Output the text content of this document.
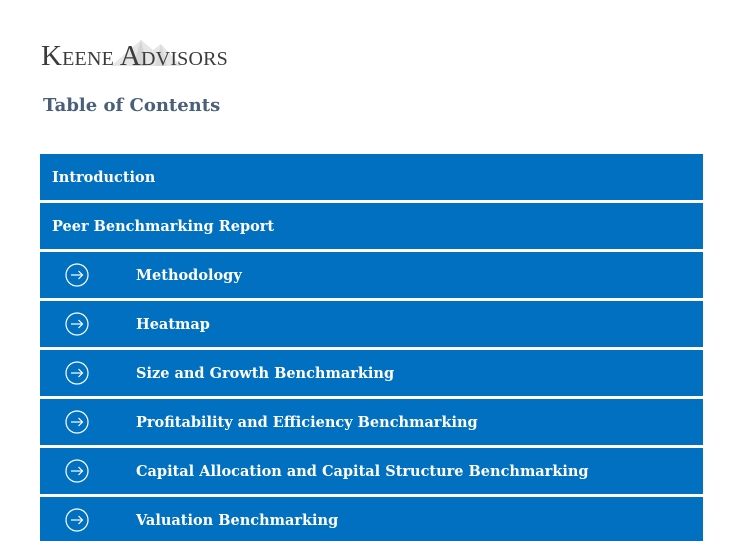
Keene Advisors
Table of Contents
Introduction
Peer Benchmarking Report
Methodology
Heatmap
Size and Growth Benchmarking
Profitability and Efficiency Benchmarking
Capital Allocation and Capital Structure Benchmarking
Valuation Benchmarking
